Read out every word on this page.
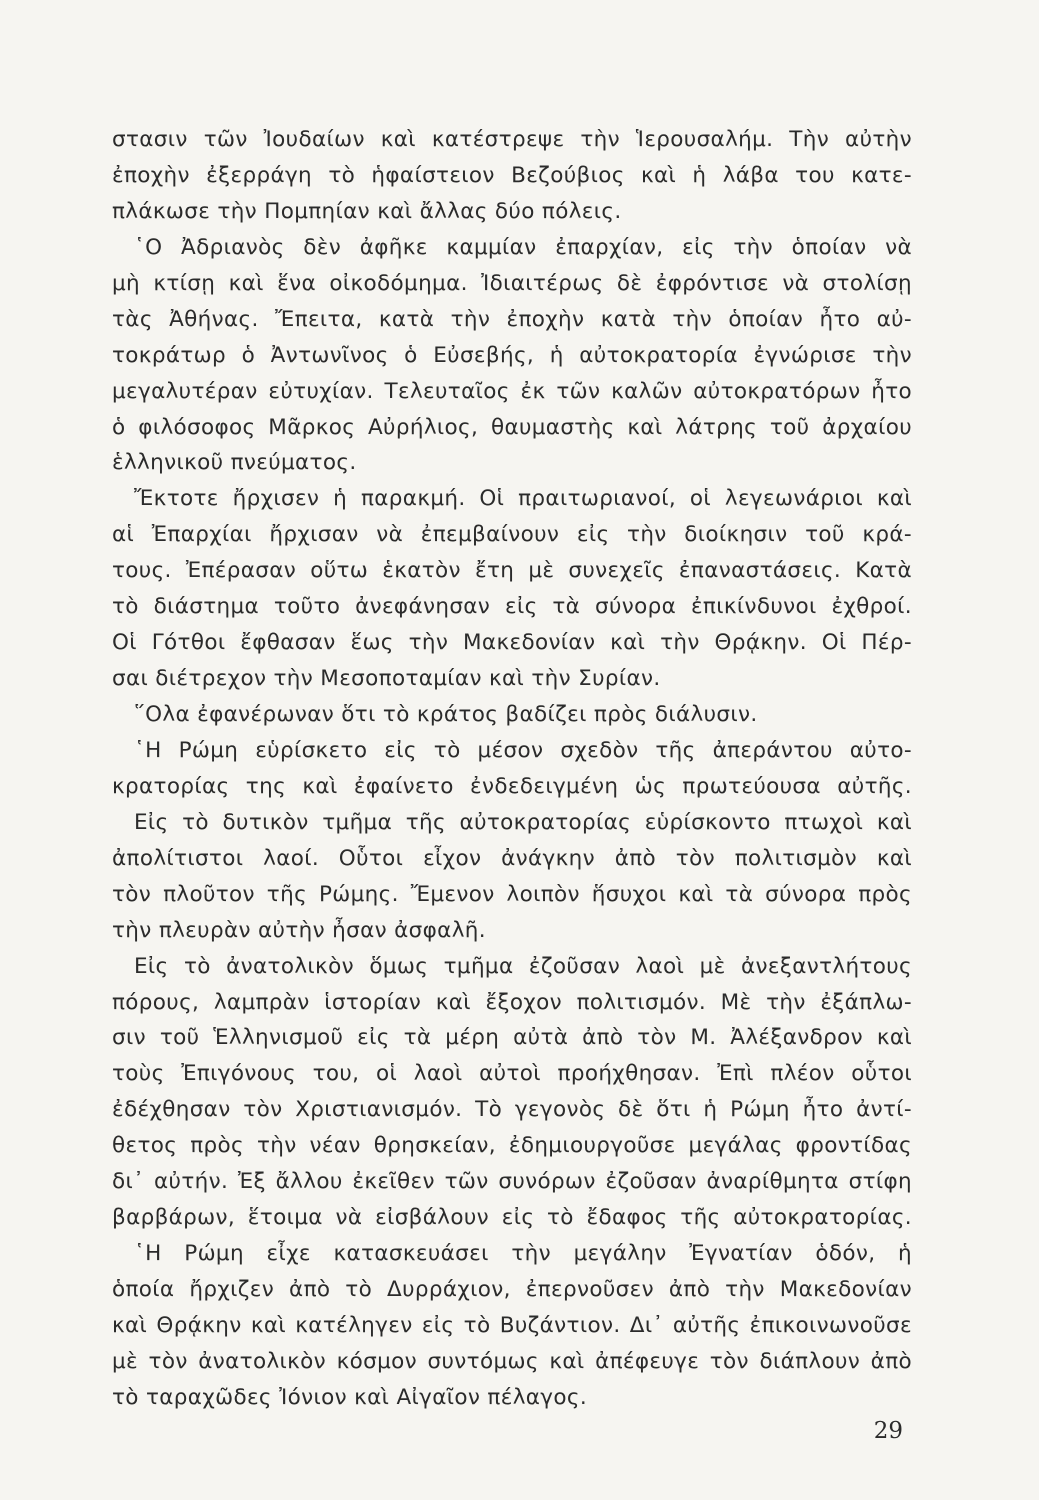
στασιν τῶν Ἰουδαίων καὶ κατέστρεψε τὴν Ἱερουσαλήμ. Τὴν αὐτὴν
ἐποχὴν ἐξερράγη τὸ ἡφαίστειον Βεζούβιος καὶ ἡ λάβα του κατε-
πλάκωσε τὴν Πομπηίαν καὶ ἄλλας δύο πόλεις.
῾Ο Ἀδριανὸς δὲν ἀφῆκε καμμίαν ἐπαρχίαν, εἰς τὴν ὁποίαν νὰ
μὴ κτίσῃ καὶ ἕνα οἰκοδόμημα. Ἰδιαιτέρως δὲ ἐφρόντισε νὰ στολίσῃ
τὰς Ἀθήνας. Ἔπειτα, κατὰ τὴν ἐποχὴν κατὰ τὴν ὁποίαν ἦτο αὐ-
τοκράτωρ ὁ Ἀντωνῖνος ὁ Εὐσεβής, ἡ αὐτοκρατορία ἐγνώρισε τὴν
μεγαλυτέραν εὐτυχίαν. Τελευταῖος ἐκ τῶν καλῶν αὐτοκρατόρων ἦτο
ὁ φιλόσοφος Μᾶρκος Αὐρήλιος, θαυμαστὴς καὶ λάτρης τοῦ ἀρχαίου
ἑλληνικοῦ πνεύματος.
Ἔκτοτε ἤρχισεν ἡ παρακμή. Οἱ πραιτωριανοί, οἱ λεγεωνάριοι καὶ
αἱ Ἐπαρχίαι ἤρχισαν νὰ ἐπεμβαίνουν εἰς τὴν διοίκησιν τοῦ κρά-
τους. Ἐπέρασαν οὕτω ἑκατὸν ἔτη μὲ συνεχεῖς ἐπαναστάσεις. Κατὰ
τὸ διάστημα τοῦτο ἀνεφάνησαν εἰς τὰ σύνορα ἐπικίνδυνοι ἐχθροί.
Οἱ Γότθοι ἔφθασαν ἕως τὴν Μακεδονίαν καὶ τὴν Θρᾴκην. Οἱ Πέρ-
σαι διέτρεχον τὴν Μεσοποταμίαν καὶ τὴν Συρίαν.
῞Ολα ἐφανέρωναν ὅτι τὸ κράτος βαδίζει πρὸς διάλυσιν.
῾Η Ρώμη εὑρίσκετο εἰς τὸ μέσον σχεδὸν τῆς ἀπεράντου αὐτο-
κρατορίας της καὶ ἐφαίνετο ἐνδεδειγμένη ὡς πρωτεύουσα αὐτῆς.
Εἰς τὸ δυτικὸν τμῆμα τῆς αὐτοκρατορίας εὑρίσκοντο πτωχοὶ καὶ
ἀπολίτιστοι λαοί. Οὗτοι εἶχον ἀνάγκην ἀπὸ τὸν πολιτισμὸν καὶ
τὸν πλοῦτον τῆς Ρώμης. Ἔμενον λοιπὸν ἥσυχοι καὶ τὰ σύνορα πρὸς
τὴν πλευρὰν αὐτὴν ἦσαν ἀσφαλῆ.
Εἰς τὸ ἀνατολικὸν ὅμως τμῆμα ἐζοῦσαν λαοὶ μὲ ἀνεξαντλήτους
πόρους, λαμπρὰν ἱστορίαν καὶ ἔξοχον πολιτισμόν. Μὲ τὴν ἐξάπλω-
σιν τοῦ Ἑλληνισμοῦ εἰς τὰ μέρη αὐτὰ ἀπὸ τὸν Μ. Ἀλέξανδρον καὶ
τοὺς Ἐπιγόνους του, οἱ λαοὶ αὐτοὶ προήχθησαν. Ἐπὶ πλέον οὗτοι
ἐδέχθησαν τὸν Χριστιανισμόν. Τὸ γεγονὸς δὲ ὅτι ἡ Ρώμη ἦτο ἀντί-
θετος πρὸς τὴν νέαν θρησκείαν, ἐδημιουργοῦσε μεγάλας φροντίδας
δι᾽ αὐτήν. Ἐξ ἄλλου ἐκεῖθεν τῶν συνόρων ἐζοῦσαν ἀναρίθμητα στίφη
βαρβάρων, ἕτοιμα νὰ εἰσβάλουν εἰς τὸ ἔδαφος τῆς αὐτοκρατορίας.
῾Η Ρώμη εἶχε κατασκευάσει τὴν μεγάλην Ἐγνατίαν ὁδόν, ἡ
ὁποία ἤρχιζεν ἀπὸ τὸ Δυρράχιον, ἐπερνοῦσεν ἀπὸ τὴν Μακεδονίαν
καὶ Θρᾴκην καὶ κατέληγεν εἰς τὸ Βυζάντιον. Δι᾽ αὐτῆς ἐπικοινωνοῦσε
μὲ τὸν ἀνατολικὸν κόσμον συντόμως καὶ ἀπέφευγε τὸν διάπλουν ἀπὸ
τὸ ταραχῶδες Ἰόνιον καὶ Αἰγαῖον πέλαγος.
29
